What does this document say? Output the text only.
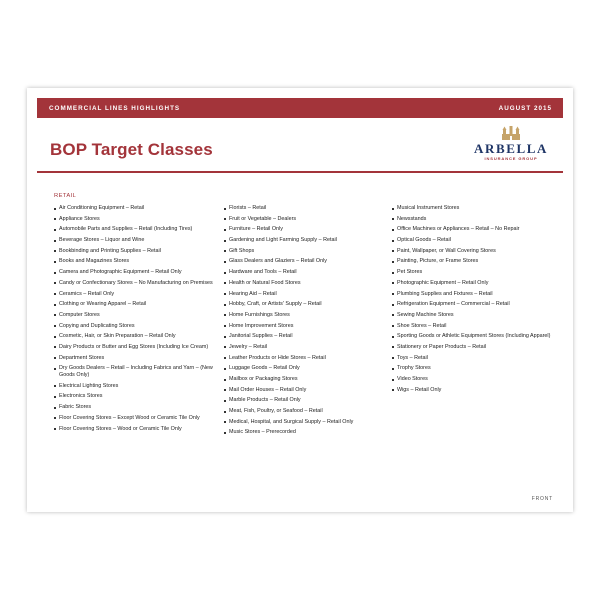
COMMERCIAL LINES HIGHLIGHTS	AUGUST 2015
BOP Target Classes	ARBELLA
INSURANCE GROUP
RETAIL
Air Conditioning Equipment – Retail
Appliance Stores
Automobile Parts and Supplies – Retail (Including Tires)
Beverage Stores – Liquor and Wine
Bookbinding and Printing Supplies – Retail
Books and Magazines Stores
Camera and Photographic Equipment – Retail Only
Candy or Confectionary Stores – No Manufacturing on Premises
Ceramics – Retail Only
Clothing or Wearing Apparel – Retail
Computer Stores
Copying and Duplicating Stores
Cosmetic, Hair, or Skin Preparation – Retail Only
Dairy Products or Butter and Egg Stores (Including Ice Cream)
Department Stores
Dry Goods Dealers – Retail – Including Fabrics and Yarn – (New Goods Only)
Electrical Lighting Stores
Electronics Stores
Fabric Stores
Floor Covering Stores – Except Wood or Ceramic Tile Only
Floor Covering Stores – Wood or Ceramic Tile Only
Florists – Retail
Fruit or Vegetable – Dealers
Furniture – Retail Only
Gardening and Light Farming Supply – Retail
Gift Shops
Glass Dealers and Glaziers – Retail Only
Hardware and Tools – Retail
Health or Natural Food Stores
Hearing Aid – Retail
Hobby, Craft, or Artists' Supply – Retail
Home Furnishings Stores
Home Improvement Stores
Janitorial Supplies – Retail
Jewelry – Retail
Leather Products or Hide Stores – Retail
Luggage Goods – Retail Only
Mailbox or Packaging Stores
Mail Order Houses – Retail Only
Marble Products – Retail Only
Meat, Fish, Poultry, or Seafood – Retail
Medical, Hospital, and Surgical Supply – Retail Only
Music Stores – Prerecorded
Musical Instrument Stores
Newsstands
Office Machines or Appliances – Retail – No Repair
Optical Goods – Retail
Paint, Wallpaper, or Wall Covering Stores
Painting, Picture, or Frame Stores
Pet Stores
Photographic Equipment – Retail Only
Plumbing Supplies and Fixtures – Retail
Refrigeration Equipment – Commercial – Retail
Sewing Machine Stores
Shoe Stores – Retail
Sporting Goods or Athletic Equipment Stores (Including Apparel)
Stationery or Paper Products – Retail
Toys – Retail
Trophy Stores
Video Stores
Wigs – Retail Only
FRONT
